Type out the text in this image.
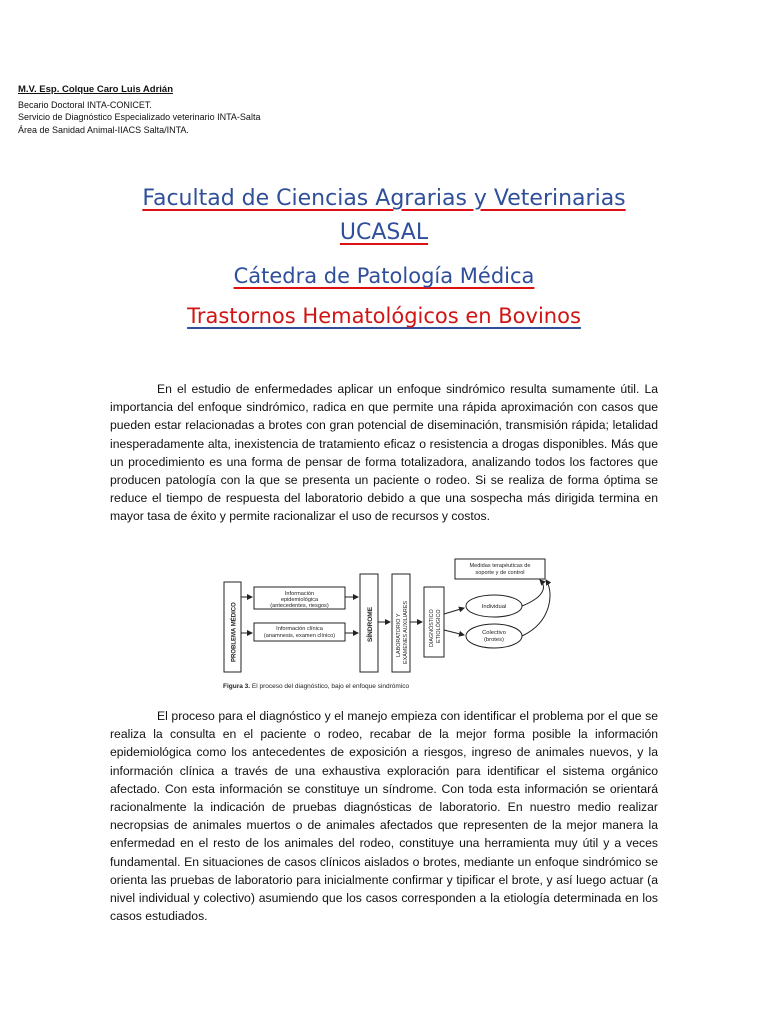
M.V. Esp. Colque Caro Luis Adrián
Becario Doctoral INTA-CONICET.
Servicio de Diagnóstico Especializado veterinario INTA-Salta
Área de Sanidad Animal-IIACS Salta/INTA.
Facultad de Ciencias Agrarias y Veterinarias
UCASAL
Cátedra de Patología Médica
Trastornos Hematológicos en Bovinos

En el estudio de enfermedades aplicar un enfoque sindrómico resulta sumamente útil. La importancia del enfoque sindrómico, radica en que permite una rápida aproximación con casos que pueden estar relacionadas a brotes con gran potencial de diseminación, transmisión rápida; letalidad inesperadamente alta, inexistencia de tratamiento eficaz o resistencia a drogas disponibles. Más que un procedimiento es una forma de pensar de forma totalizadora, analizando todos los factores que producen patología con la que se presenta un paciente o rodeo. Si se realiza de forma óptima se reduce el tiempo de respuesta del laboratorio debido a que una sospecha más dirigida termina en mayor tasa de éxito y permite racionalizar el uso de recursos y costos.

PROBLEMA MÉDICO
Información
epidemiológica
(antecedentes, riesgos)
Información clínica
(anamnesis, examen clínico)	SÍNDROME	LABORATORIO Y EXÁMENES AUXILIARES	DIAGNÓSTICO ETIOLÓGICO
Medidas terapéuticas de
soporte y de control
Individual
Colectivo
(brotes)
Figura 3. El proceso del diagnóstico, bajo el enfoque sindrómico

El proceso para el diagnóstico y el manejo empieza con identificar el problema por el que se realiza la consulta en el paciente o rodeo, recabar de la mejor forma posible la información epidemiológica como los antecedentes de exposición a riesgos, ingreso de animales nuevos, y la información clínica a través de una exhaustiva exploración para identificar el sistema orgánico afectado. Con esta información se constituye un síndrome. Con toda esta información se orientará racionalmente la indicación de pruebas diagnósticas de laboratorio. En nuestro medio realizar necropsias de animales muertos o de animales afectados que representen de la mejor manera la enfermedad en el resto de los animales del rodeo, constituye una herramienta muy útil y a veces fundamental. En situaciones de casos clínicos aislados o brotes, mediante un enfoque sindrómico se orienta las pruebas de laboratorio para inicialmente confirmar y tipificar el brote, y así luego actuar (a nivel individual y colectivo) asumiendo que los casos corresponden a la etiología determinada en los casos estudiados.
